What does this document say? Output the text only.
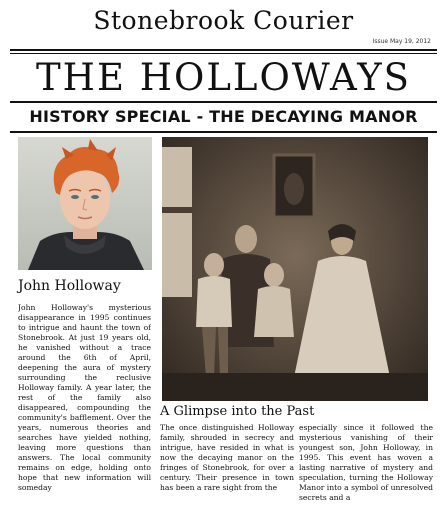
Stonebrook Courier
Issue May 19, 2012
THE HOLLOWAYS
HISTORY SPECIAL - THE DECAYING MANOR
John Holloway
John Holloway's mysterious disappearance in 1995 continues to intrigue and haunt the town of Stonebrook. At just 19 years old, he vanished without a trace around the 6th of April, deepening the aura of mystery surrounding the reclusive Holloway family. A year later, the rest of the family also disappeared, compounding the community's bafflement. Over the years, numerous theories and searches have yielded nothing, leaving more questions than answers. The local community remains on edge, holding onto hope that new information will someday
A Glimpse into the Past
The once distinguished Holloway family, shrouded in secrecy and intrigue, have resided in what is now the decaying manor on the fringes of Stonebrook, for over a century. Their presence in town has been a rare sight from the
especially since it followed the mysterious vanishing of their youngest son, John Holloway, in 1995. This event has woven a lasting narrative of mystery and speculation, turning the Holloway Manor into a symbol of unresolved secrets and a
